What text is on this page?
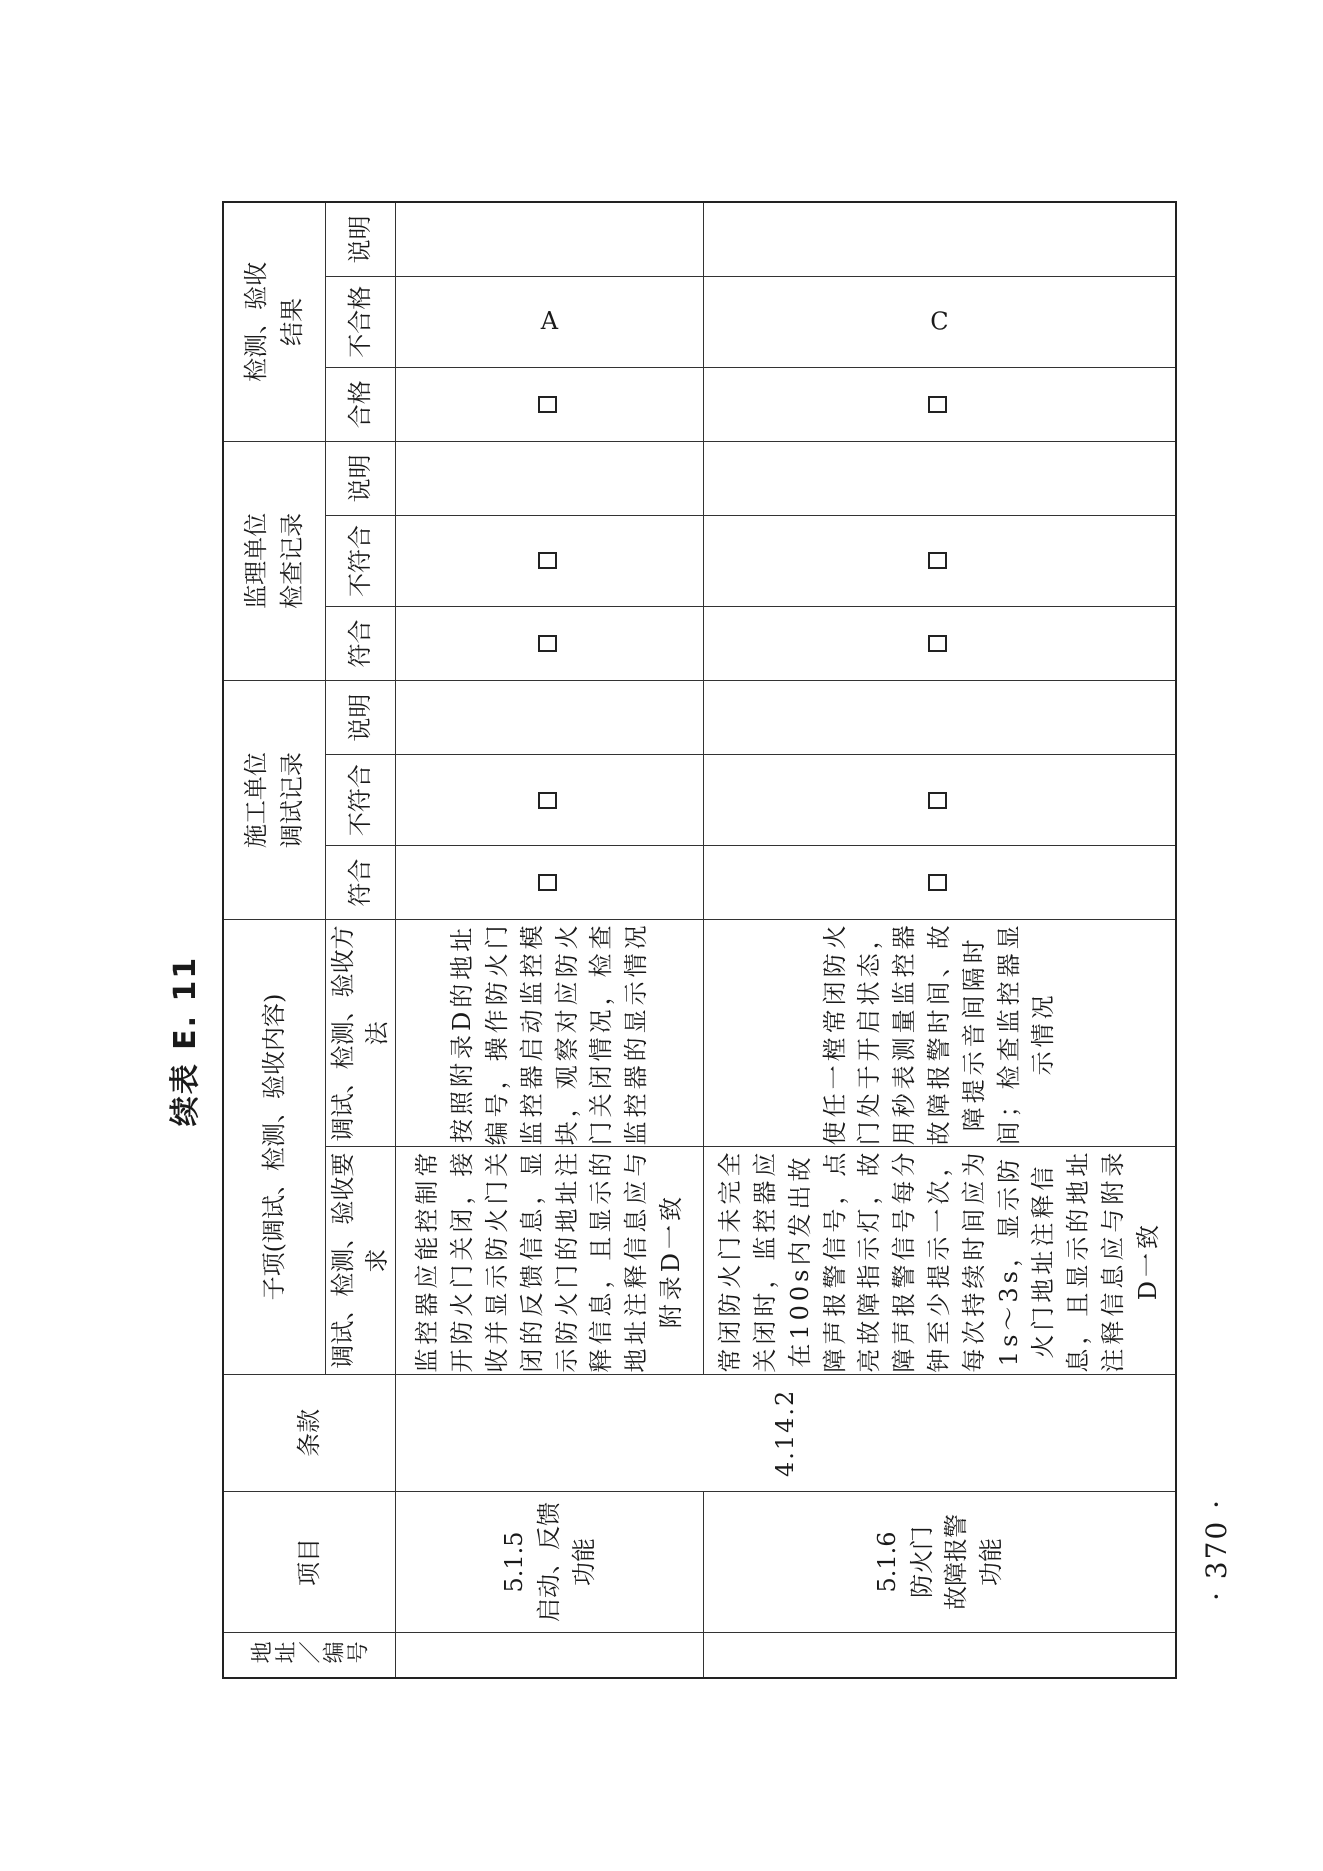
续表 E. 11
地址／编号	项目	条款	子项(调试、检测、验收内容)		施工单位 调试记录			监理单位 检查记录			检测、验收 结果		

			调试、检测、验收要求	调试、检测、验收方法	符合	不符合	说明	符合	不符合	说明	合格	不合格	说明

	5.1.5 启动、反馈 功能	4.14.2	监控器应能控制常开防火门关闭，接收并显示防火门关闭的反馈信息，显示防火门的地址注释信息，且显示的地址注释信息应与附录D一致	按照附录D的地址编号，操作防火门监控器启动监控模块，观察对应防火门关闭情况，检查监控器的显示情况								A	

	5.1.6 防火门 故障报警 功能		常闭防火门未完全关闭时，监控器应在100s内发出故障声报警信号，点亮故障指示灯，故障声报警信号每分钟至少提示一次，每次持续时间应为1s～3s，显示防火门地址注释信息，且显示的地址注释信息应与附录D一致	使任一樘常闭防火门处于开启状态，用秒表测量监控器故障报警时间、故障提示音间隔时间；检查监控器显示情况								C	
· 370 ·
